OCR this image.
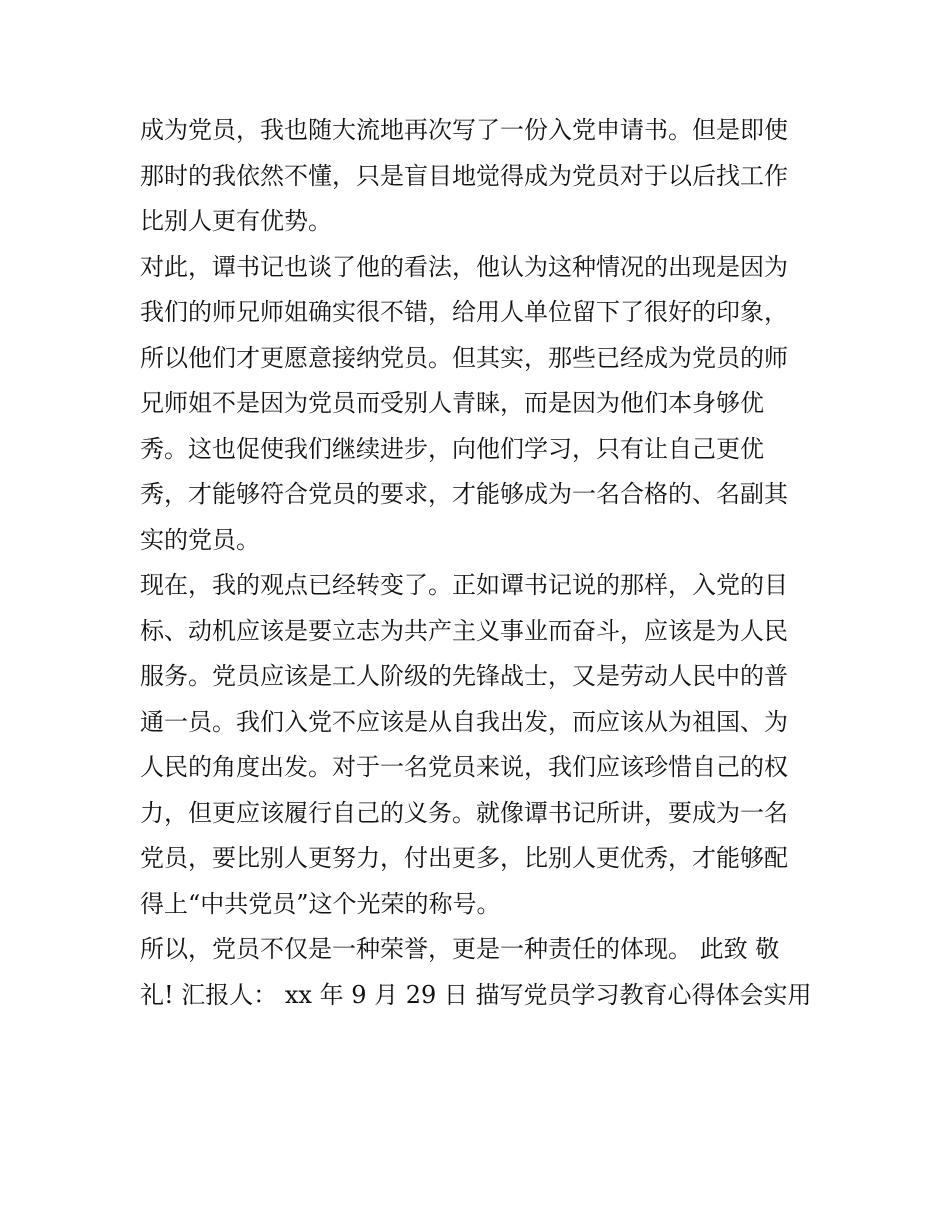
成为党员，我也随大流地再次写了一份入党申请书。但是即使
那时的我依然不懂，只是盲目地觉得成为党员对于以后找工作
比别人更有优势。
对此，谭书记也谈了他的看法，他认为这种情况的出现是因为
我们的师兄师姐确实很不错，给用人单位留下了很好的印象，
所以他们才更愿意接纳党员。但其实，那些已经成为党员的师
兄师姐不是因为党员而受别人青睐，而是因为他们本身够优
秀。这也促使我们继续进步，向他们学习，只有让自己更优
秀，才能够符合党员的要求，才能够成为一名合格的、名副其
实的党员。
现在，我的观点已经转变了。正如谭书记说的那样，入党的目
标、动机应该是要立志为共产主义事业而奋斗，应该是为人民
服务。党员应该是工人阶级的先锋战士，又是劳动人民中的普
通一员。我们入党不应该是从自我出发，而应该从为祖国、为
人民的角度出发。对于一名党员来说，我们应该珍惜自己的权
力，但更应该履行自己的义务。就像谭书记所讲，要成为一名
党员，要比别人更努力，付出更多，比别人更优秀，才能够配
得上“中共党员”这个光荣的称号。
所以，党员不仅是一种荣誉，更是一种责任的体现。 此致 敬
礼! 汇报人： xx 年 9 月 29 日 描写党员学习教育心得体会实用
